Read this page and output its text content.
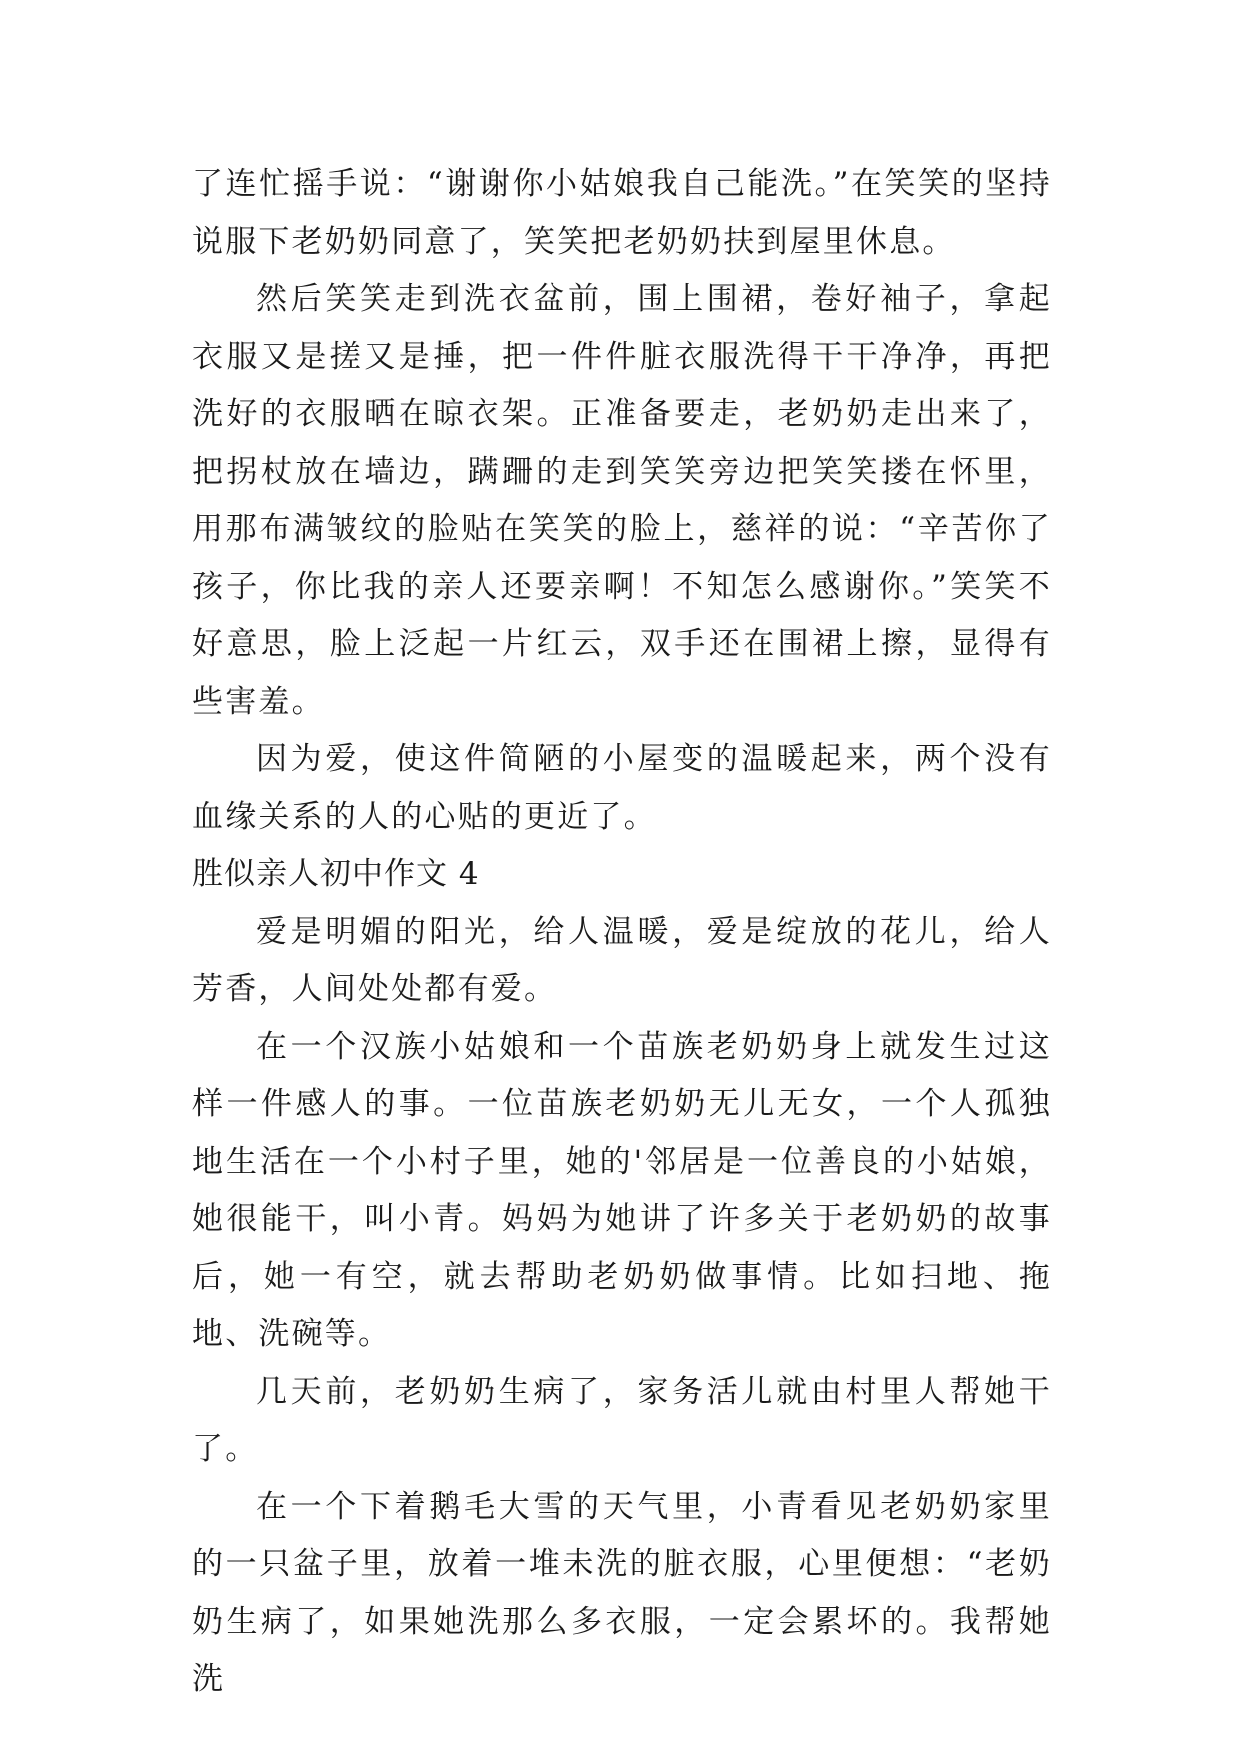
了连忙摇手说：“谢谢你小姑娘我自己能洗。”在笑笑的坚持说服下老奶奶同意了，笑笑把老奶奶扶到屋里休息。

然后笑笑走到洗衣盆前，围上围裙，卷好袖子，拿起衣服又是搓又是捶，把一件件脏衣服洗得干干净净，再把洗好的衣服晒在晾衣架。正准备要走，老奶奶走出来了，把拐杖放在墙边，蹒跚的走到笑笑旁边把笑笑搂在怀里，用那布满皱纹的脸贴在笑笑的脸上，慈祥的说：“辛苦你了孩子，你比我的亲人还要亲啊！不知怎么感谢你。”笑笑不好意思，脸上泛起一片红云，双手还在围裙上擦，显得有些害羞。

因为爱，使这件简陋的小屋变的温暖起来，两个没有血缘关系的人的心贴的更近了。

胜似亲人初中作文 4

爱是明媚的阳光，给人温暖，爱是绽放的花儿，给人芳香，人间处处都有爱。

在一个汉族小姑娘和一个苗族老奶奶身上就发生过这样一件感人的事。一位苗族老奶奶无儿无女，一个人孤独地生活在一个小村子里，她的'邻居是一位善良的小姑娘，她很能干，叫小青。妈妈为她讲了许多关于老奶奶的故事后，她一有空，就去帮助老奶奶做事情。比如扫地、拖地、洗碗等。

几天前，老奶奶生病了，家务活儿就由村里人帮她干了。

在一个下着鹅毛大雪的天气里，小青看见老奶奶家里的一只盆子里，放着一堆未洗的脏衣服，心里便想：“老奶奶生病了，如果她洗那么多衣服，一定会累坏的。我帮她洗
